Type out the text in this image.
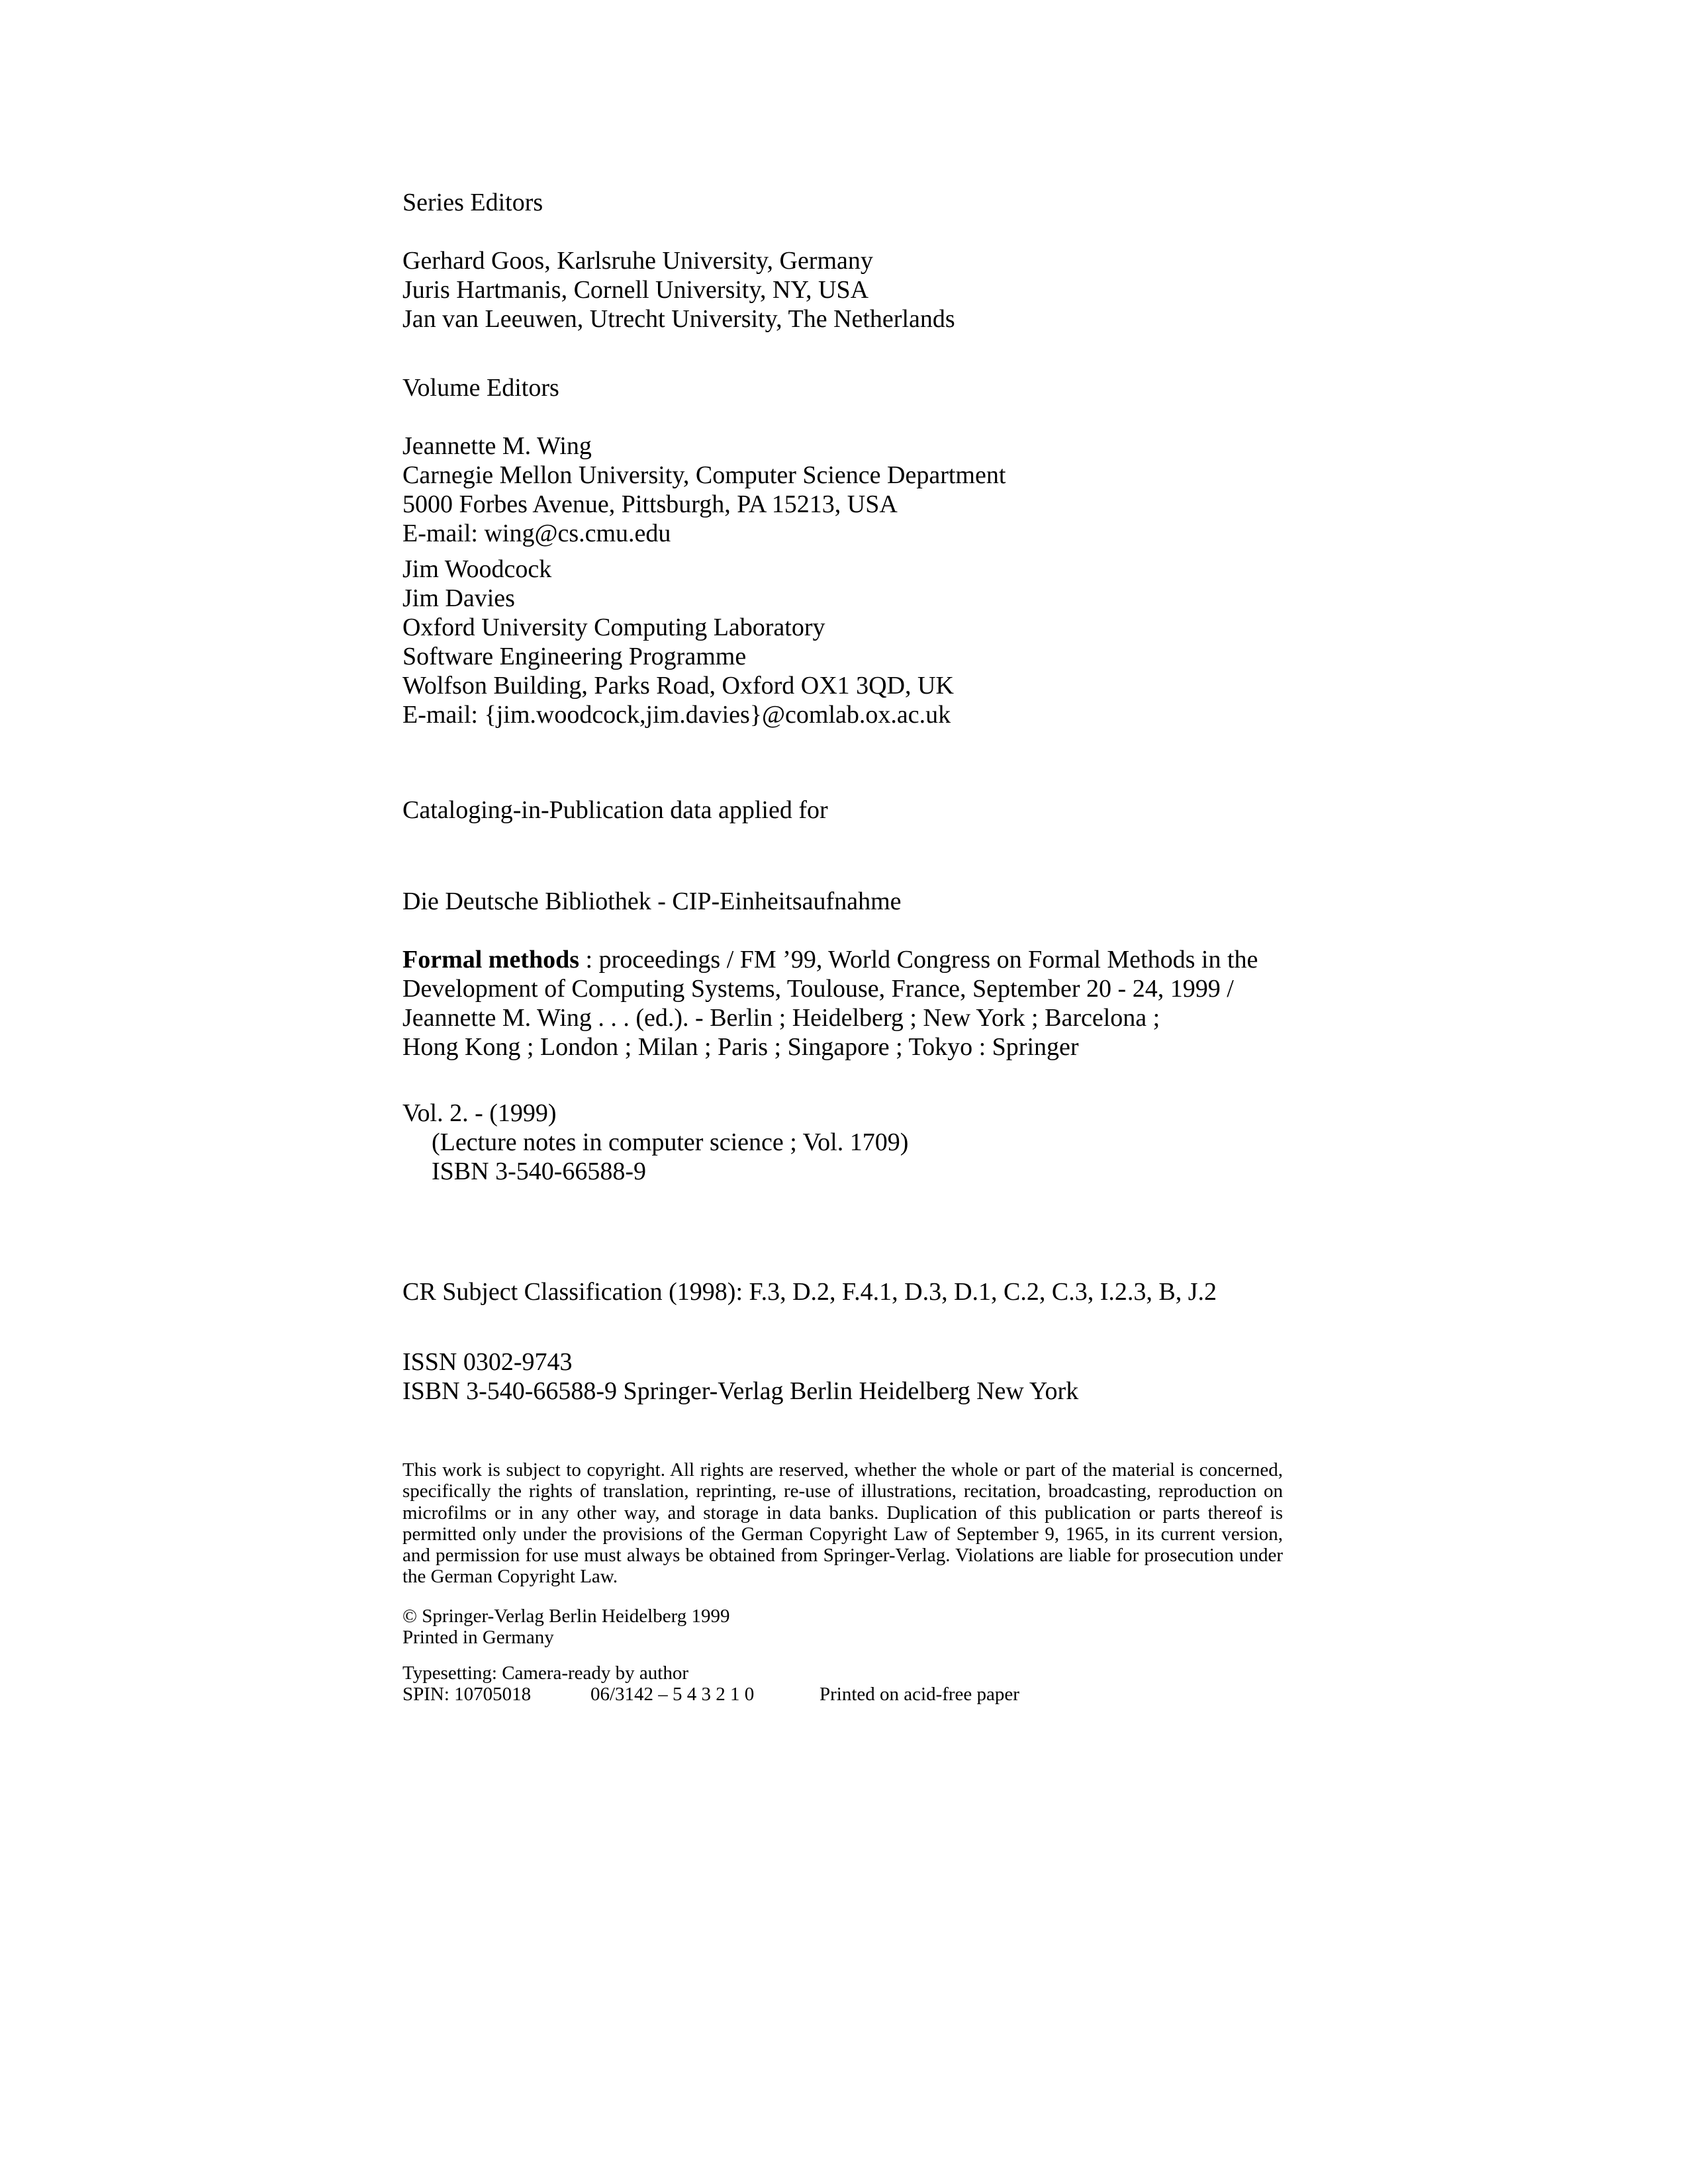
Series Editors
Gerhard Goos, Karlsruhe University, Germany
Juris Hartmanis, Cornell University, NY, USA
Jan van Leeuwen, Utrecht University, The Netherlands
Volume Editors
Jeannette M. Wing
Carnegie Mellon University, Computer Science Department
5000 Forbes Avenue, Pittsburgh, PA 15213, USA
E-mail: wing@cs.cmu.edu
Jim Woodcock
Jim Davies
Oxford University Computing Laboratory
Software Engineering Programme
Wolfson Building, Parks Road, Oxford OX1 3QD, UK
E-mail: {jim.woodcock,jim.davies}@comlab.ox.ac.uk
Cataloging-in-Publication data applied for
Die Deutsche Bibliothek - CIP-Einheitsaufnahme
Formal methods : proceedings / FM ’99, World Congress on Formal Methods in the
Development of Computing Systems, Toulouse, France, September 20 - 24, 1999 /
Jeannette M. Wing . . . (ed.). - Berlin ; Heidelberg ; New York ; Barcelona ;
Hong Kong ; London ; Milan ; Paris ; Singapore ; Tokyo : Springer
Vol. 2. - (1999)
(Lecture notes in computer science ; Vol. 1709)
ISBN 3-540-66588-9
CR Subject Classification (1998): F.3, D.2, F.4.1, D.3, D.1, C.2, C.3, I.2.3, B, J.2
ISSN 0302-9743
ISBN 3-540-66588-9 Springer-Verlag Berlin Heidelberg New York

This work is subject to copyright. All rights are reserved, whether the whole or part of the material is concerned, specifically the rights of translation, reprinting, re-use of illustrations, recitation, broadcasting, reproduction on microfilms or in any other way, and storage in data banks. Duplication of this publication or parts thereof is permitted only under the provisions of the German Copyright Law of September 9, 1965, in its current version, and permission for use must always be obtained from Springer-Verlag. Violations are liable for prosecution under the German Copyright Law.

© Springer-Verlag Berlin Heidelberg 1999
Printed in Germany
Typesetting: Camera-ready by author
SPIN: 10705018	06/3142 – 5 4 3 2 1 0	Printed on acid-free paper
